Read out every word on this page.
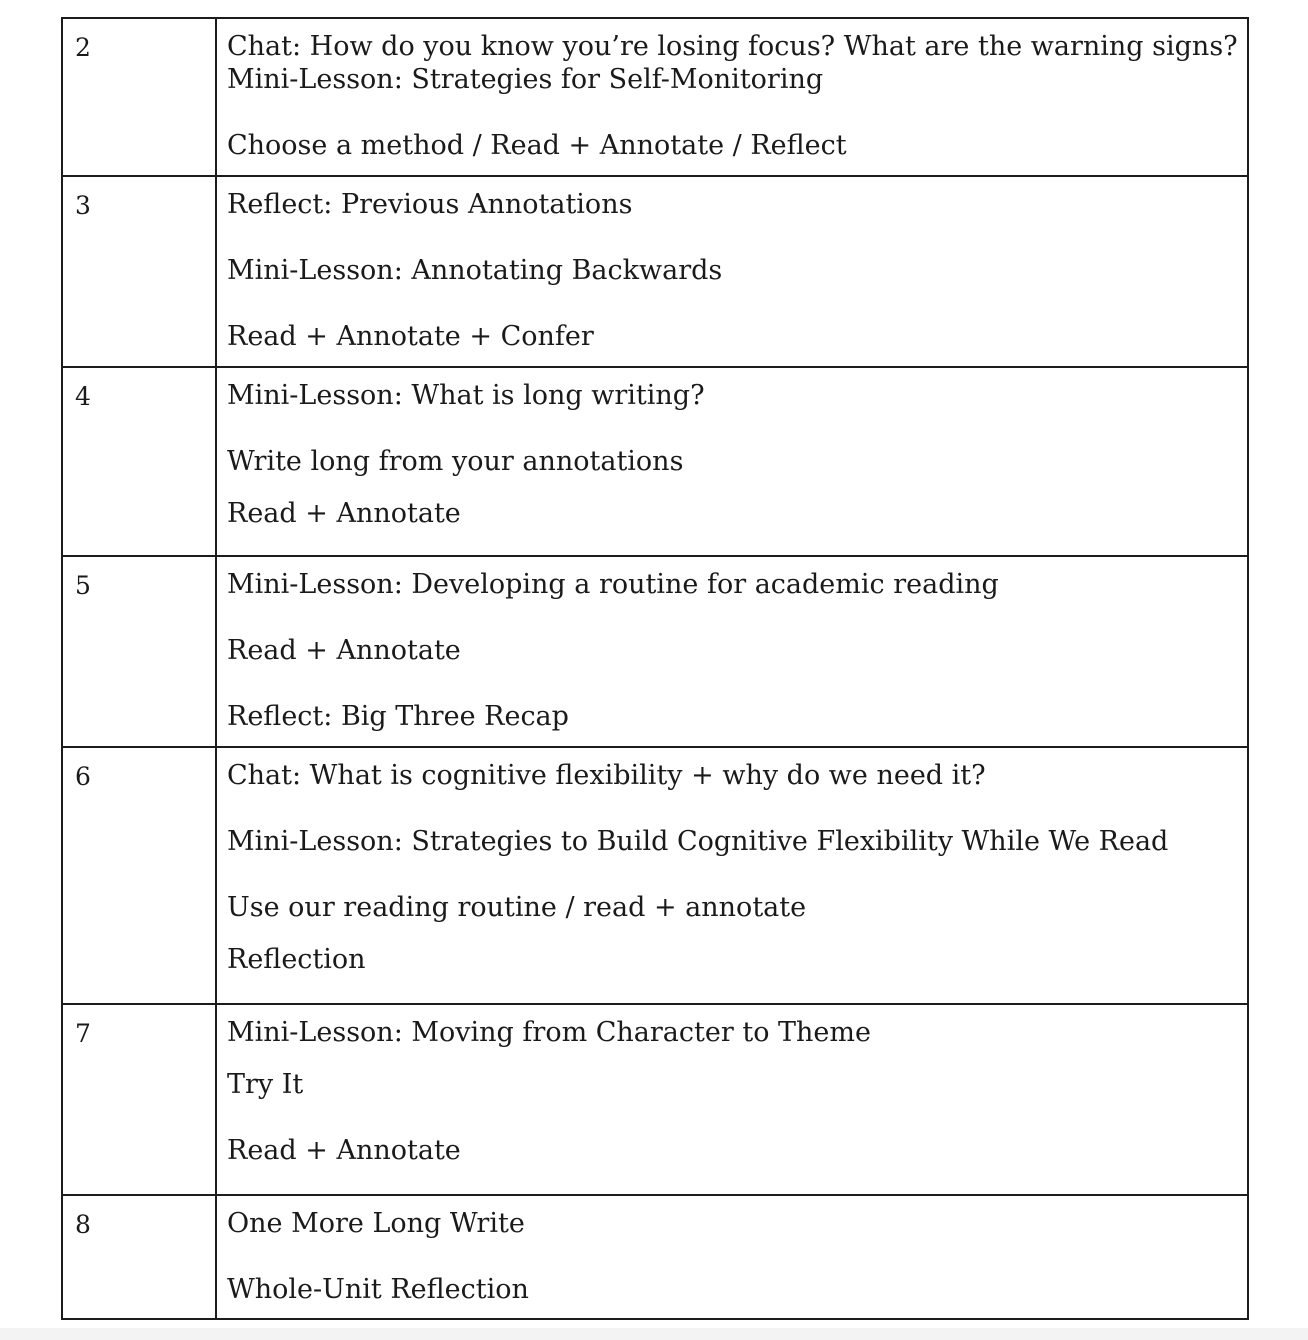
2	Chat: How do you know you’re losing focus? What are the warning signs?
Mini-Lesson: Strategies for Self-Monitoring
Choose a method / Read + Annotate / Reflect

3	Reflect: Previous Annotations
Mini-Lesson: Annotating Backwards
Read + Annotate + Confer

4	Mini-Lesson: What is long writing?
Write long from your annotations
Read + Annotate

5	Mini-Lesson: Developing a routine for academic reading
Read + Annotate
Reflect: Big Three Recap

6	Chat: What is cognitive flexibility + why do we need it?
Mini-Lesson: Strategies to Build Cognitive Flexibility While We Read
Use our reading routine / read + annotate
Reflection

7	Mini-Lesson: Moving from Character to Theme
Try It
Read + Annotate

8	One More Long Write
Whole-Unit Reflection
